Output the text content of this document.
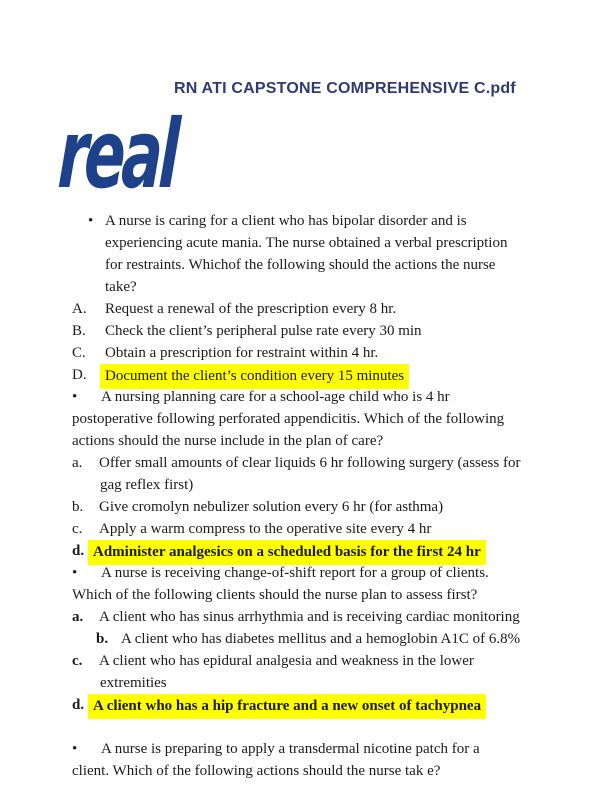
RN ATI CAPSTONE COMPREHENSIVE C.pdf
real
• A nurse is caring for a client who has bipolar disorder and is
experiencing acute mania. The nurse obtained a verbal prescription
for restraints. Whichof the following should the actions the nurse
take?
A. Request a renewal of the prescription every 8 hr.
B. Check the client’s peripheral pulse rate every 30 min
C. Obtain a prescription for restraint within 4 hr.
D.	Document the client’s condition every 15 minutes
• A nursing planning care for a school-age child who is 4 hr
postoperative following perforated appendicitis. Which of the following
actions should the nurse include in the plan of care?
a. Offer small amounts of clear liquids 6 hr following surgery (assess for
gag reflex first)
b. Give cromolyn nebulizer solution every 6 hr (for asthma)
c. Apply a warm compress to the operative site every 4 hr
d. Administer analgesics on a scheduled basis for the first 24 hr
• A nurse is receiving change-of-shift report for a group of clients.
Which of the following clients should the nurse plan to assess first?
a. A client who has sinus arrhythmia and is receiving cardiac monitoring
b. A client who has diabetes mellitus and a hemoglobin A1C of 6.8%
c. A client who has epidural analgesia and weakness in the lower
extremities
d. A client who has a hip fracture and a new onset of tachypnea
• A nurse is preparing to apply a transdermal nicotine patch for a
client. Which of the following actions should the nurse tak e?
